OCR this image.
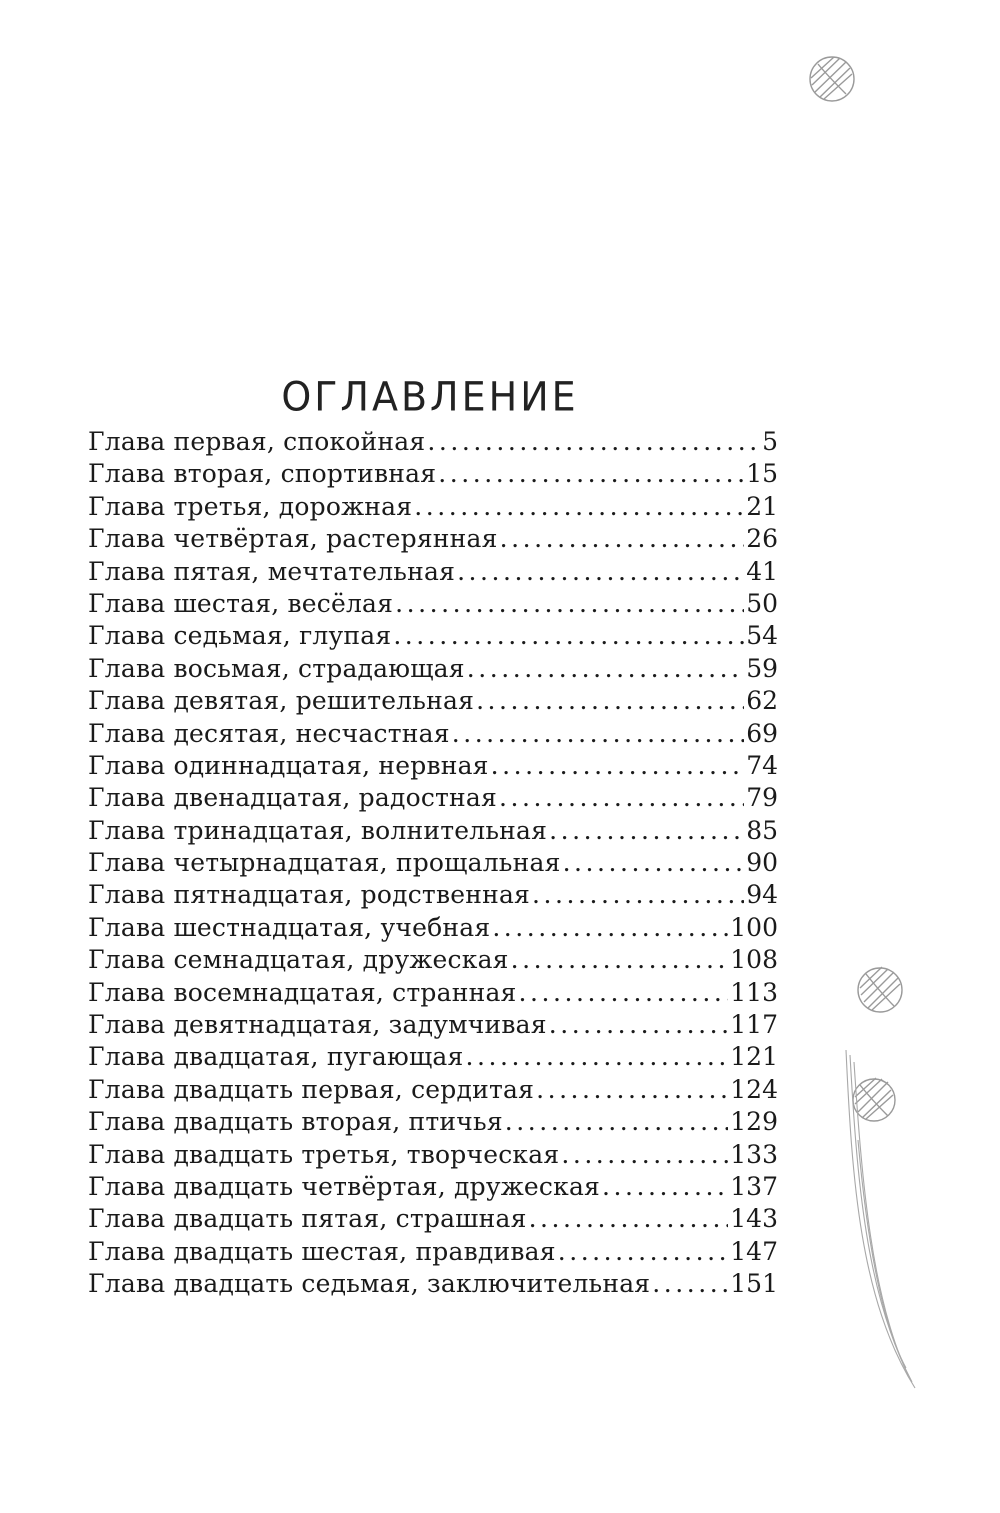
ОГЛАВЛЕНИЕ
Глава первая, спокойная . . .	5
Глава вторая, спортивная . . .	15
Глава третья, дорожная . . .	21
Глава четвёртая, растерянная . . .	26
Глава пятая, мечтательная . . .	41
Глава шестая, весёлая . . .	50
Глава седьмая, глупая . . .	54
Глава восьмая, страдающая . . .	59
Глава девятая, решительная . . .	62
Глава десятая, несчастная . . .	69
Глава одиннадцатая, нервная . . .	74
Глава двенадцатая, радостная . . .	79
Глава тринадцатая, волнительная . . .	85
Глава четырнадцатая, прощальная . . .	90
Глава пятнадцатая, родственная . . .	94
Глава шестнадцатая, учебная . . .	100
Глава семнадцатая, дружеская . . .	108
Глава восемнадцатая, странная . . .	113
Глава девятнадцатая, задумчивая . . .	117
Глава двадцатая, пугающая . . .	121
Глава двадцать первая, сердитая . . .	124
Глава двадцать вторая, птичья . . .	129
Глава двадцать третья, творческая . . .	133
Глава двадцать четвёртая, дружеская . . .	137
Глава двадцать пятая, страшная . . .	143
Глава двадцать шестая, правдивая . . .	147
Глава двадцать седьмая, заключительная . . .	151
